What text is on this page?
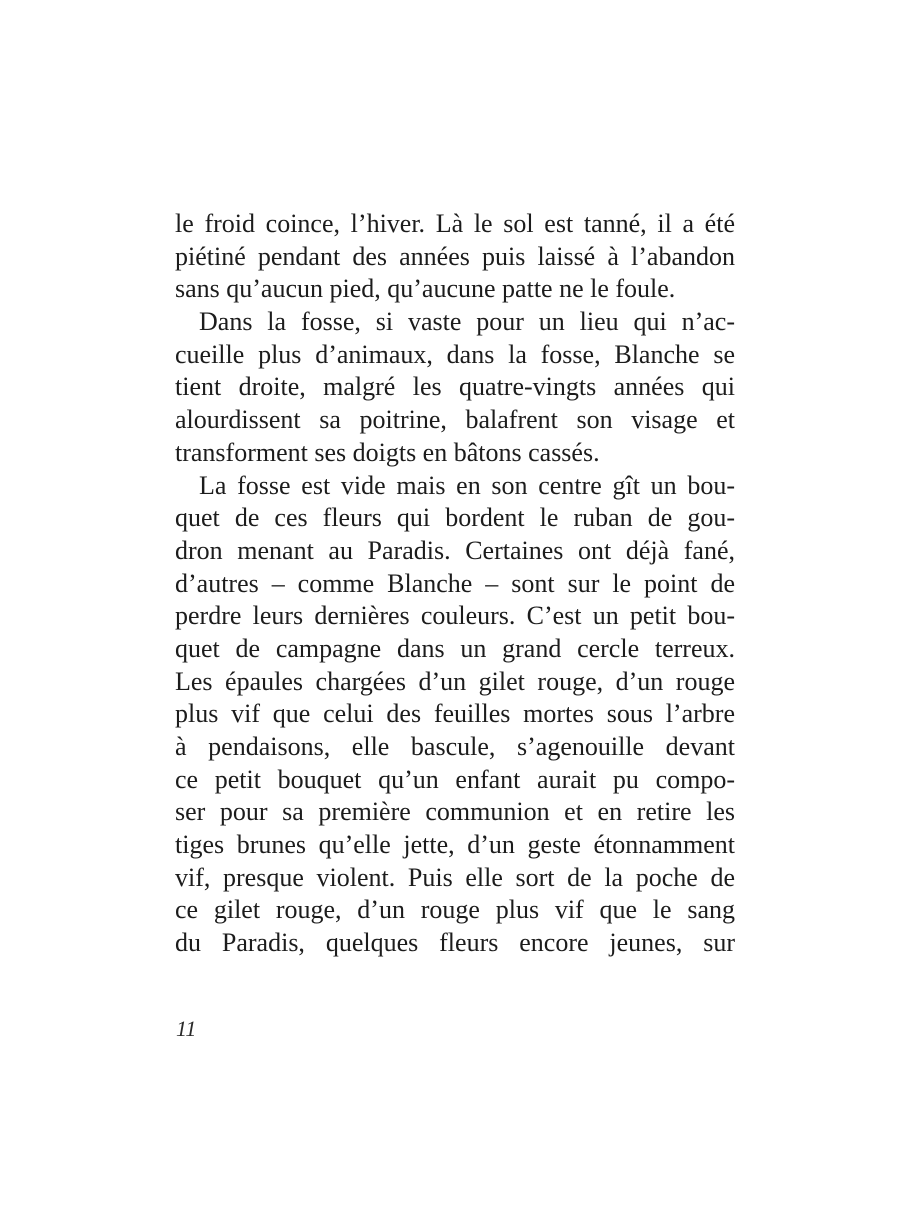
le froid coince, l’hiver. Là le sol est tanné, il a été
piétiné pendant des années puis laissé à l’abandon
sans qu’aucun pied, qu’aucune patte ne le foule.
Dans la fosse, si vaste pour un lieu qui n’ac-
cueille plus d’animaux, dans la fosse, Blanche se
tient droite, malgré les quatre-vingts années qui
alourdissent sa poitrine, balafrent son visage et
transforment ses doigts en bâtons cassés.
La fosse est vide mais en son centre gît un bou-
quet de ces fleurs qui bordent le ruban de gou-
dron menant au Paradis. Certaines ont déjà fané,
d’autres – comme Blanche – sont sur le point de
perdre leurs dernières couleurs. C’est un petit bou-
quet de campagne dans un grand cercle terreux.
Les épaules chargées d’un gilet rouge, d’un rouge
plus vif que celui des feuilles mortes sous l’arbre
à pendaisons, elle bascule, s’agenouille devant
ce petit bouquet qu’un enfant aurait pu compo-
ser pour sa première communion et en retire les
tiges brunes qu’elle jette, d’un geste étonnamment
vif, presque violent. Puis elle sort de la poche de
ce gilet rouge, d’un rouge plus vif que le sang
du Paradis, quelques fleurs encore jeunes, sur
11
